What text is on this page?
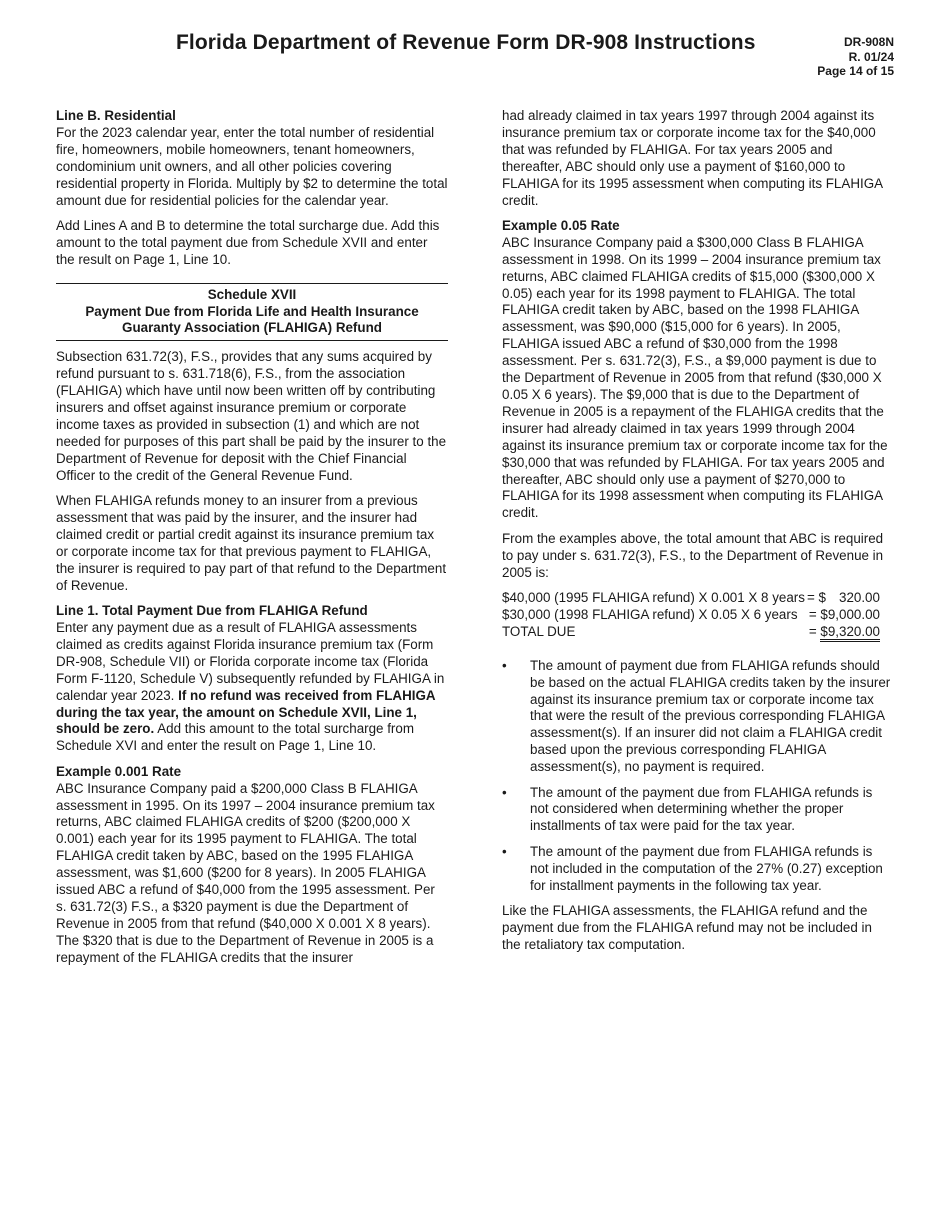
Florida Department of Revenue Form DR-908 Instructions	DR-908N
R. 01/24
Page 14 of 15

Line B. Residential
For the 2023 calendar year, enter the total number of residential fire, homeowners, mobile homeowners, tenant homeowners, condominium unit owners, and all other policies covering residential property in Florida. Multiply by $2 to determine the total amount due for residential policies for the calendar year.

Add Lines A and B to determine the total surcharge due. Add this amount to the total payment due from Schedule XVII and enter the result on Page 1, Line 10.

Schedule XVII
Payment Due from Florida Life and Health Insurance
Guaranty Association (FLAHIGA) Refund

Subsection 631.72(3), F.S., provides that any sums acquired by refund pursuant to s. 631.718(6), F.S., from the association (FLAHIGA) which have until now been written off by contributing insurers and offset against insurance premium or corporate income taxes as provided in subsection (1) and which are not needed for purposes of this part shall be paid by the insurer to the Department of Revenue for deposit with the Chief Financial Officer to the credit of the General Revenue Fund.

When FLAHIGA refunds money to an insurer from a previous assessment that was paid by the insurer, and the insurer had claimed credit or partial credit against its insurance premium tax or corporate income tax for that previous payment to FLAHIGA, the insurer is required to pay part of that refund to the Department of Revenue.

Line 1. Total Payment Due from FLAHIGA Refund
Enter any payment due as a result of FLAHIGA assessments claimed as credits against Florida insurance premium tax (Form DR-908, Schedule VII) or Florida corporate income tax (Florida Form F-1120, Schedule V) subsequently refunded by FLAHIGA in calendar year 2023. If no refund was received from FLAHIGA during the tax year, the amount on Schedule XVII, Line 1, should be zero. Add this amount to the total surcharge from Schedule XVI and enter the result on Page 1, Line 10.

Example 0.001 Rate
ABC Insurance Company paid a $200,000 Class B FLAHIGA assessment in 1995. On its 1997 – 2004 insurance premium tax returns, ABC claimed FLAHIGA credits of $200 ($200,000 X 0.001) each year for its 1995 payment to FLAHIGA. The total FLAHIGA credit taken by ABC, based on the 1995 FLAHIGA assessment, was $1,600 ($200 for 8 years). In 2005 FLAHIGA issued ABC a refund of $40,000 from the 1995 assessment. Per s. 631.72(3) F.S., a $320 payment is due the Department of Revenue in 2005 from that refund ($40,000 X 0.001 X 8 years). The $320 that is due to the Department of Revenue in 2005 is a repayment of the FLAHIGA credits that the insurer

had already claimed in tax years 1997 through 2004 against its insurance premium tax or corporate income tax for the $40,000 that was refunded by FLAHIGA. For tax years 2005 and thereafter, ABC should only use a payment of $160,000 to FLAHIGA for its 1995 assessment when computing its FLAHIGA credit.

Example 0.05 Rate
ABC Insurance Company paid a $300,000 Class B FLAHIGA assessment in 1998. On its 1999 – 2004 insurance premium tax returns, ABC claimed FLAHIGA credits of $15,000 ($300,000 X 0.05) each year for its 1998 payment to FLAHIGA. The total FLAHIGA credit taken by ABC, based on the 1998 FLAHIGA assessment, was $90,000 ($15,000 for 6 years). In 2005, FLAHIGA issued ABC a refund of $30,000 from the 1998 assessment. Per s. 631.72(3), F.S., a $9,000 payment is due to the Department of Revenue in 2005 from that refund ($30,000 X 0.05 X 6 years). The $9,000 that is due to the Department of Revenue in 2005 is a repayment of the FLAHIGA credits that the insurer had already claimed in tax years 1999 through 2004 against its insurance premium tax or corporate income tax for the $30,000 that was refunded by FLAHIGA. For tax years 2005 and thereafter, ABC should only use a payment of $270,000 to FLAHIGA for its 1998 assessment when computing its FLAHIGA credit.

From the examples above, the total amount that ABC is required to pay under s. 631.72(3), F.S., to the Department of Revenue in 2005 is:

$40,000 (1995 FLAHIGA refund) X 0.001 X 8 years	= $ 320.00
$30,000 (1998 FLAHIGA refund) X 0.05 X 6 years	= $9,000.00
TOTAL DUE	= $9,320.00
• The amount of payment due from FLAHIGA refunds should be based on the actual FLAHIGA credits taken by the insurer against its insurance premium tax or corporate income tax that were the result of the previous corresponding FLAHIGA assessment(s). If an insurer did not claim a FLAHIGA credit based upon the previous corresponding FLAHIGA assessment(s), no payment is required.
• The amount of the payment due from FLAHIGA refunds is not considered when determining whether the proper installments of tax were paid for the tax year.
• The amount of the payment due from FLAHIGA refunds is not included in the computation of the 27% (0.27) exception for installment payments in the following tax year.

Like the FLAHIGA assessments, the FLAHIGA refund and the payment due from the FLAHIGA refund may not be included in the retaliatory tax computation.
